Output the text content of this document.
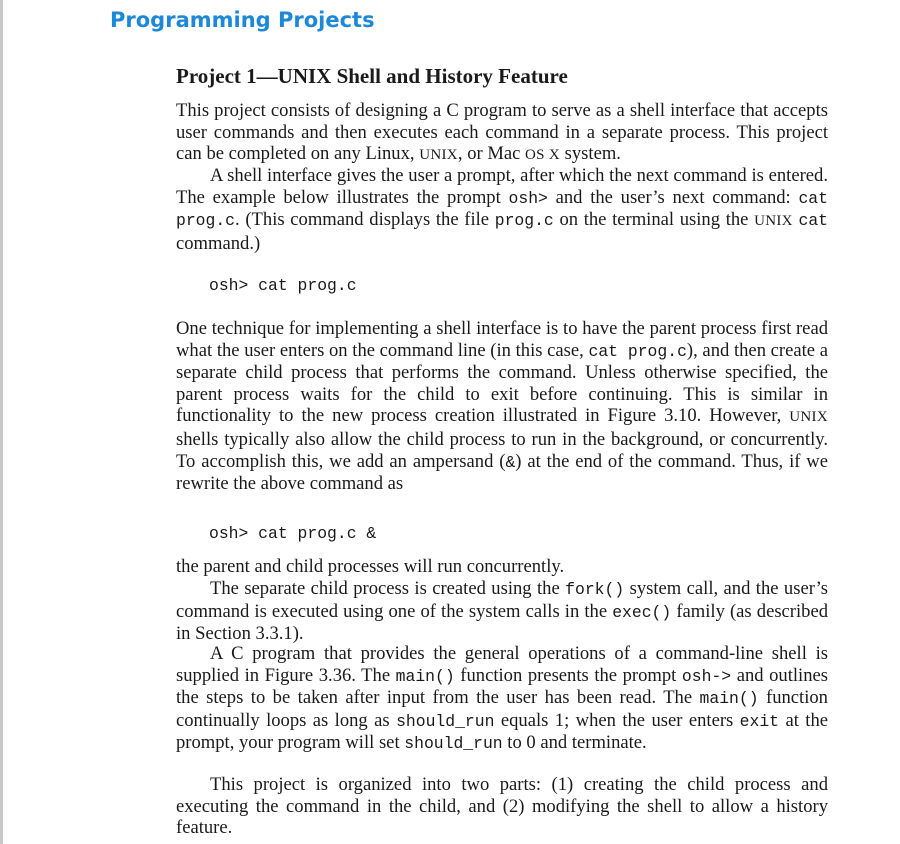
Programming Projects
Project 1—UNIX Shell and History Feature

This project consists of designing a C program to serve as a shell interface that accepts user commands and then executes each command in a separate process. This project can be completed on any Linux, UNIX, or Mac OS X system.

A shell interface gives the user a prompt, after which the next command is entered. The example below illustrates the prompt osh> and the user’s next command: cat prog.c. (This command displays the file prog.c on the terminal using the UNIX cat command.)

osh> cat prog.c

One technique for implementing a shell interface is to have the parent process first read what the user enters on the command line (in this case, cat prog.c), and then create a separate child process that performs the command. Unless otherwise specified, the parent process waits for the child to exit before continuing. This is similar in functionality to the new process creation illustrated in Figure 3.10. However, UNIX shells typically also allow the child process to run in the background, or concurrently. To accomplish this, we add an ampersand (&) at the end of the command. Thus, if we rewrite the above command as

osh> cat prog.c &

the parent and child processes will run concurrently.

The separate child process is created using the fork() system call, and the user’s command is executed using one of the system calls in the exec() family (as described in Section 3.3.1).

A C program that provides the general operations of a command-line shell is supplied in Figure 3.36. The main() function presents the prompt osh-> and outlines the steps to be taken after input from the user has been read. The main() function continually loops as long as should_run equals 1; when the user enters exit at the prompt, your program will set should_run to 0 and terminate.

This project is organized into two parts: (1) creating the child process and executing the command in the child, and (2) modifying the shell to allow a history feature.
